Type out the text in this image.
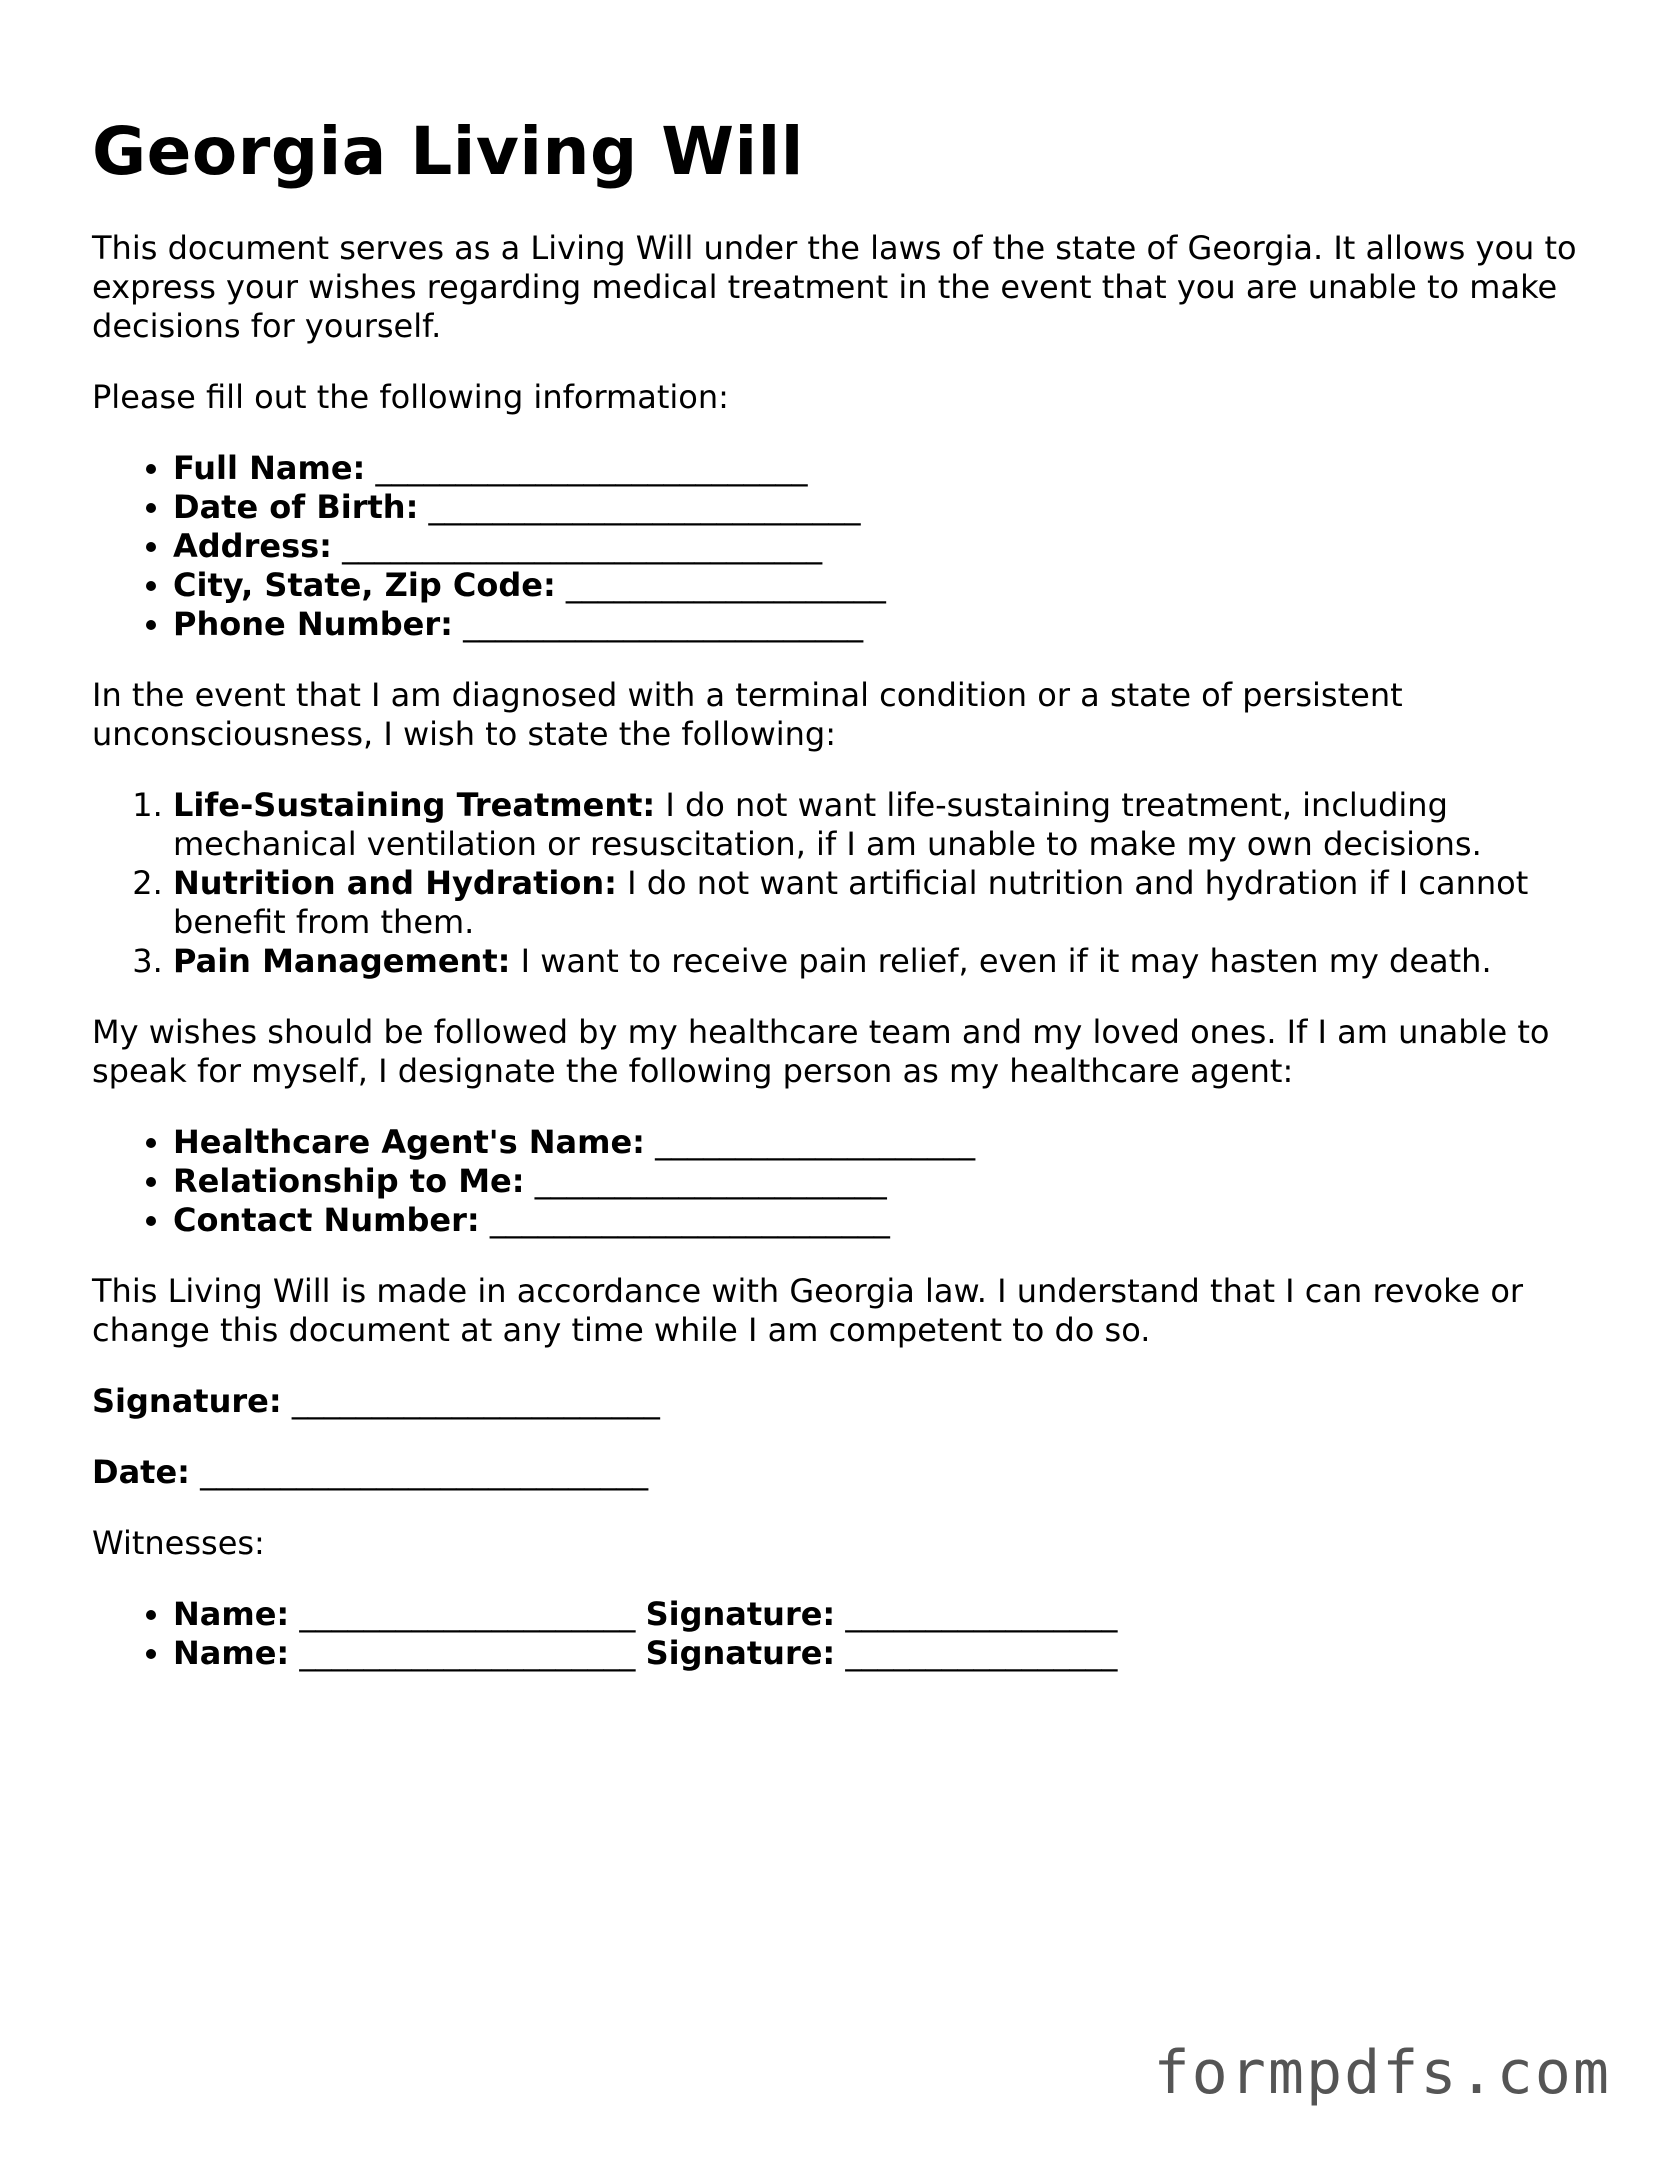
Georgia Living Will

This document serves as a Living Will under the laws of the state of Georgia. It allows you to express your wishes regarding medical treatment in the event that you are unable to make decisions for yourself.

Please fill out the following information:

• Full Name: ___________________________
• Date of Birth: ___________________________
• Address: ______________________________
• City, State, Zip Code: ____________________
• Phone Number: _________________________

In the event that I am diagnosed with a terminal condition or a state of persistent unconsciousness, I wish to state the following:

1. Life-Sustaining Treatment: I do not want life-sustaining treatment, including mechanical ventilation or resuscitation, if I am unable to make my own decisions.
2. Nutrition and Hydration: I do not want artificial nutrition and hydration if I cannot benefit from them.
3. Pain Management: I want to receive pain relief, even if it may hasten my death.

My wishes should be followed by my healthcare team and my loved ones. If I am unable to speak for myself, I designate the following person as my healthcare agent:

• Healthcare Agent's Name: ____________________
• Relationship to Me: ______________________
• Contact Number: _________________________

This Living Will is made in accordance with Georgia law. I understand that I can revoke or change this document at any time while I am competent to do so.

Signature: _______________________

Date: ____________________________

Witnesses:

• Name: _____________________ Signature: _________________
• Name: _____________________ Signature: _________________
formpdfs.com
